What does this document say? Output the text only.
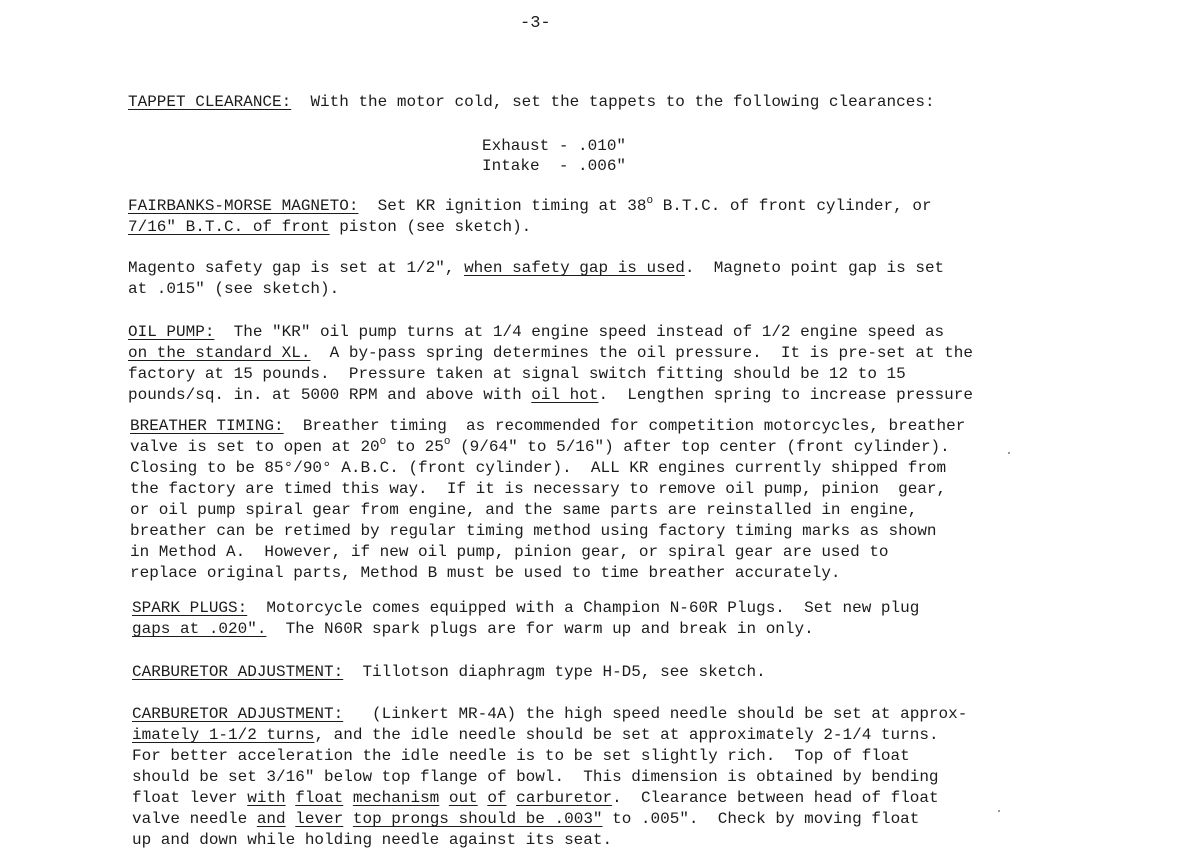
-3-
TAPPET CLEARANCE:  With the motor cold, set the tappets to the following clearances:
Exhaust - .010"
Intake  - .006"
FAIRBANKS-MORSE MAGNETO:  Set KR ignition timing at 38$^o$ B.T.C. of front cylinder, or
7/16" B.T.C. of front piston (see sketch).
Magento safety gap is set at 1/2", when safety gap is used.  Magneto point gap is set
at .015" (see sketch).
OIL PUMP:  The "KR" oil pump turns at 1/4 engine speed instead of 1/2 engine speed as
on the standard XL.  A by-pass spring determines the oil pressure.  It is pre-set at the
factory at 15 pounds.  Pressure taken at signal switch fitting should be 12 to 15
pounds/sq. in. at 5000 RPM and above with oil hot.  Lengthen spring to increase pressure
BREATHER TIMING:  Breather timing  as recommended for competition motorcycles, breather
valve is set to open at 20$^o$ to 25$^o$ (9/64" to 5/16") after top center (front cylinder).
Closing to be 85°/90° A.B.C. (front cylinder).  ALL KR engines currently shipped from
the factory are timed this way.  If it is necessary to remove oil pump, pinion  gear,
or oil pump spiral gear from engine, and the same parts are reinstalled in engine,
breather can be retimed by regular timing method using factory timing marks as shown
in Method A.  However, if new oil pump, pinion gear, or spiral gear are used to
replace original parts, Method B must be used to time breather accurately.
SPARK PLUGS:  Motorcycle comes equipped with a Champion N-60R Plugs.  Set new plug
gaps at .020".  The N60R spark plugs are for warm up and break in only.
CARBURETOR ADJUSTMENT:  Tillotson diaphragm type H-D5, see sketch.
CARBURETOR ADJUSTMENT:   (Linkert MR-4A) the high speed needle should be set at approx-
imately 1-1/2 turns, and the idle needle should be set at approximately 2-1/4 turns.
For better acceleration the idle needle is to be set slightly rich.  Top of float
should be set 3/16" below top flange of bowl.  This dimension is obtained by bending
float lever with float mechanism out of carburetor.  Clearance between head of float
valve needle and lever top prongs should be .003" to .005".  Check by moving float
up and down while holding needle against its seat.
